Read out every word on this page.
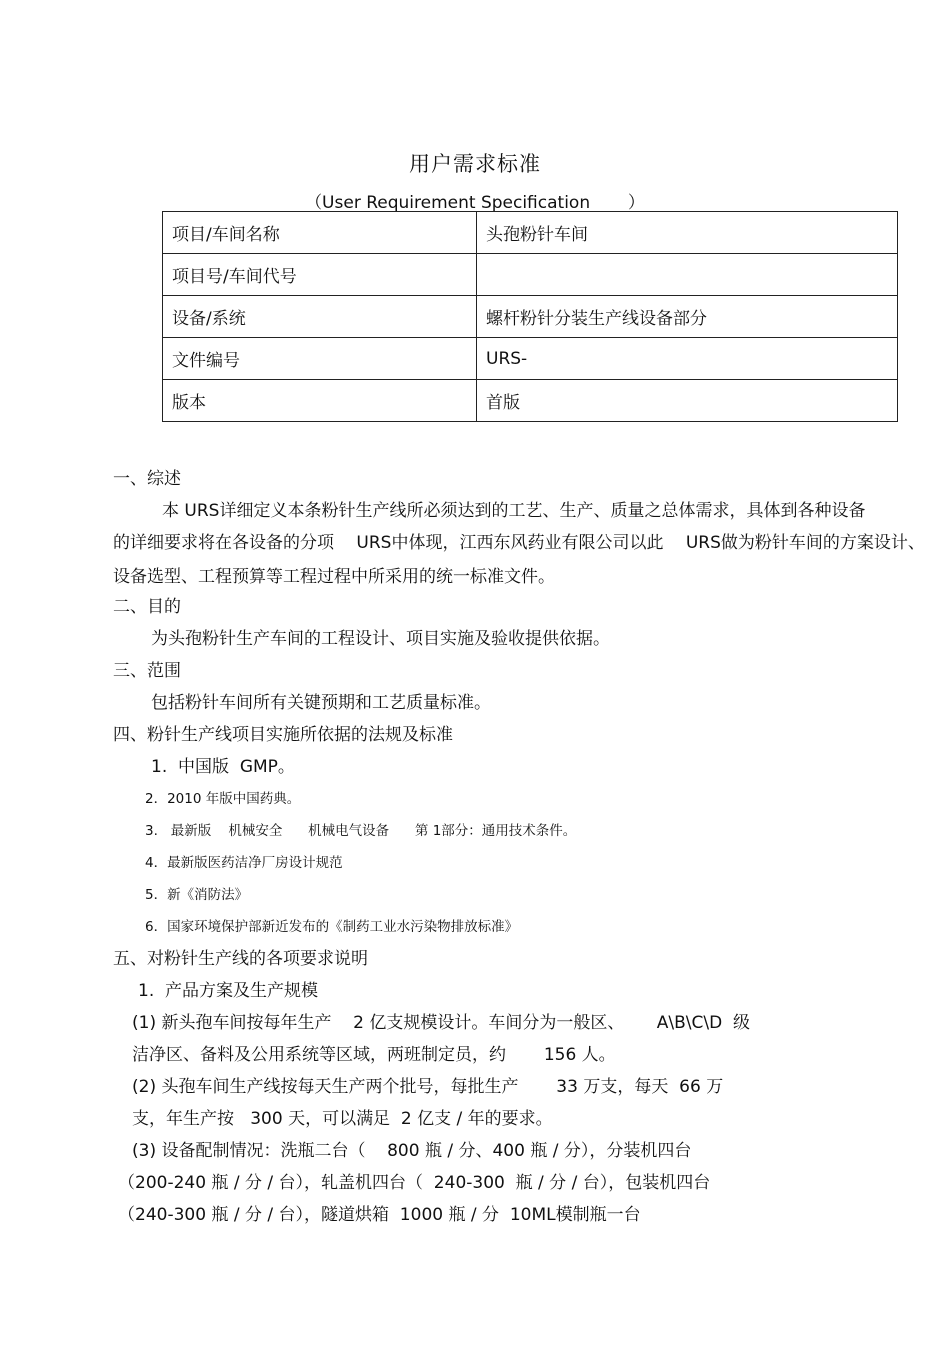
用户需求标准
（User Requirement Specification       ）
项目/车间名称	头孢粉针车间
项目号/车间代号	
设备/系统	螺杆粉针分装生产线设备部分
文件编号	URS-
版本	首版
一、综述
本 URS详细定义本条粉针生产线所必须达到的工艺、生产、质量之总体需求，具体到各种设备
的详细要求将在各设备的分项　 URS中体现，江西东风药业有限公司以此　 URS做为粉针车间的方案设计、
设备选型、工程预算等工程过程中所采用的统一标准文件。
二、目的
为头孢粉针生产车间的工程设计、项目实施及验收提供依据。
三、范围
包括粉针车间所有关键预期和工艺质量标准。
四、粉针生产线项目实施所依据的法规及标准
1.  中国版  GMP。
2．2010 年版中国药典。
3.   最新版    机械安全      机械电气设备      第 1部分：通用技术条件。
4．最新版医药洁净厂房设计规范
5．新《消防法》
6．国家环境保护部新近发布的《制药工业水污染物排放标准》
五、对粉针生产线的各项要求说明
1.  产品方案及生产规模
(1) 新头孢车间按每年生产    2 亿支规模设计。车间分为一般区、      A\B\C\D  级
洁净区、备料及公用系统等区域，两班制定员，约       156 人。
(2) 头孢车间生产线按每天生产两个批号，每批生产       33 万支，每天  66 万
支，年生产按   300 天，可以满足  2 亿支 / 年的要求。
(3) 设备配制情况：洗瓶二台（    800 瓶 / 分、400 瓶 / 分），分装机四台
（200-240 瓶 / 分 / 台），轧盖机四台（  240-300  瓶 / 分 / 台），包装机四台
（240-300 瓶 / 分 / 台），隧道烘箱  1000 瓶 / 分  10ML模制瓶一台
